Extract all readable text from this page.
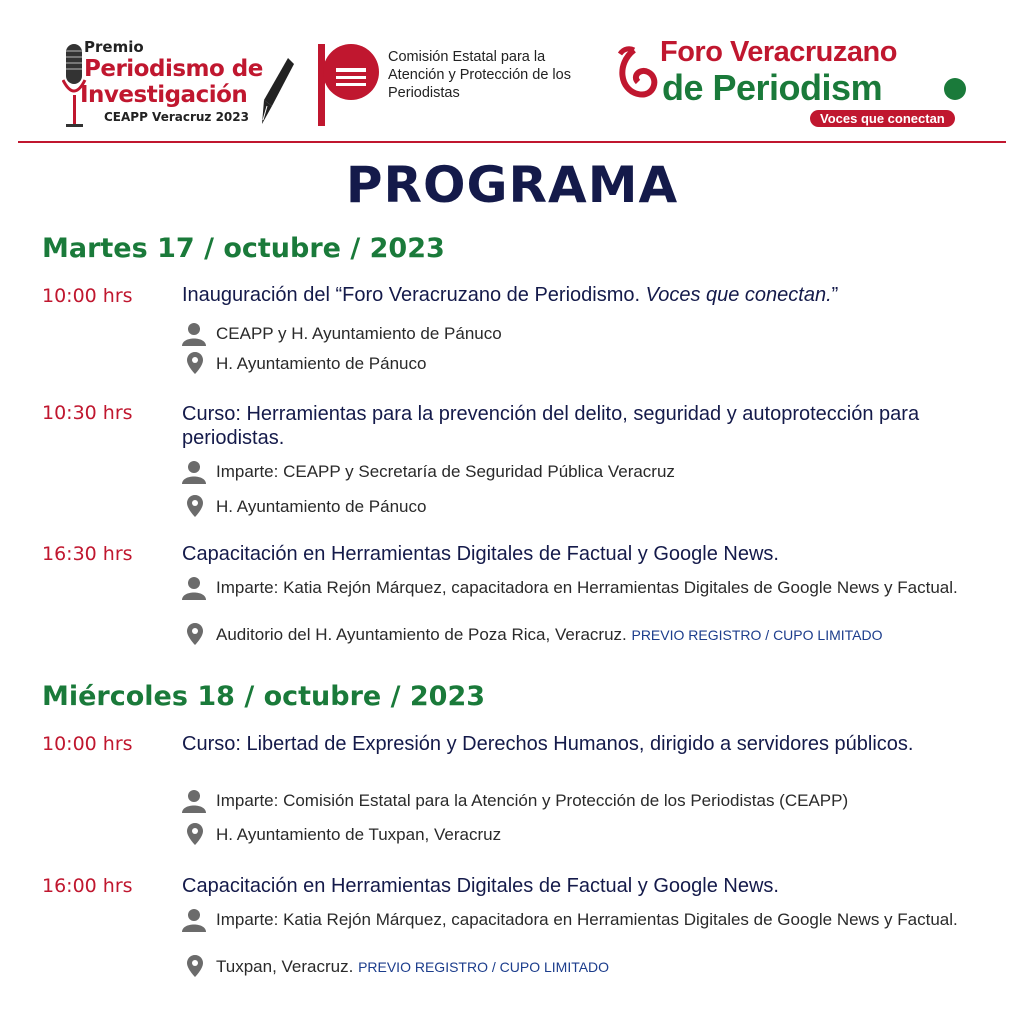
Premio
Periodismo de
Investigación
CEAPP Veracruz 2023
Comisión Estatal para la Atención y Protección de los Periodistas
Foro Veracruzano
de Periodism
Voces que conectan
PROGRAMA
Martes 17 / octubre / 2023
10:00 hrs Inauguración del “Foro Veracruzano de Periodismo. Voces que conectan.”
CEAPP y H. Ayuntamiento de Pánuco
H. Ayuntamiento de Pánuco
10:30 hrs Curso: Herramientas para la prevención del delito, seguridad y autoprotección para periodistas.
Imparte: CEAPP y Secretaría de Seguridad Pública Veracruz
H. Ayuntamiento de Pánuco
16:30 hrs Capacitación en Herramientas Digitales de Factual y Google News.
Imparte: Katia Rejón Márquez, capacitadora en Herramientas Digitales de Google News y Factual.
Auditorio del H. Ayuntamiento de Poza Rica, Veracruz. PREVIO REGISTRO / CUPO LIMITADO
Miércoles 18 / octubre / 2023
10:00 hrs Curso: Libertad de Expresión y Derechos Humanos, dirigido a servidores públicos.
Imparte: Comisión Estatal para la Atención y Protección de los Periodistas (CEAPP)
H. Ayuntamiento de Tuxpan, Veracruz
16:00 hrs Capacitación en Herramientas Digitales de Factual y Google News.
Imparte: Katia Rejón Márquez, capacitadora en Herramientas Digitales de Google News y Factual.
Tuxpan, Veracruz. PREVIO REGISTRO / CUPO LIMITADO
